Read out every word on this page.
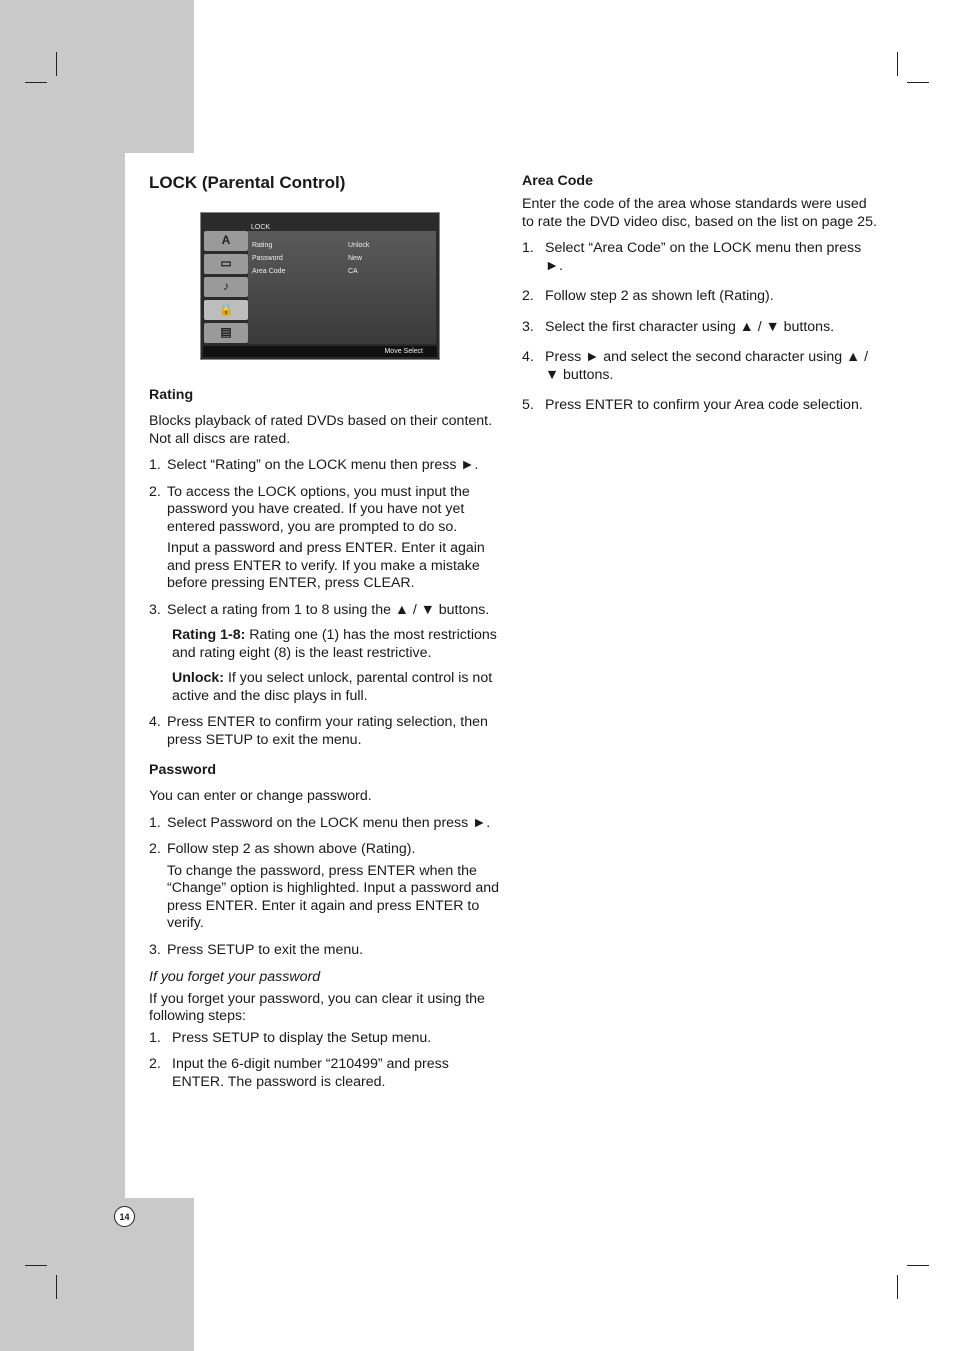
LOCK (Parental Control)
LOCK
A
▭
♪
🔒
▤
Rating
Password
Area Code
Unlock
New
CA
Move Select
Rating

Blocks playback of rated DVDs based on their content. Not all discs are rated.

1. Select “Rating” on the LOCK menu then press ►.
2. To access the LOCK options, you must input the password you have created. If you have not yet entered password, you are prompted to do so.

Input a password and press ENTER. Enter it again and press ENTER to verify. If you make a mistake before pressing ENTER, press CLEAR.

3. Select a rating from 1 to 8 using the ▲ / ▼ buttons.

Rating 1-8: Rating one (1) has the most restrictions and rating eight (8) is the least restrictive.

Unlock: If you select unlock, parental control is not active and the disc plays in full.

4. Press ENTER to confirm your rating selection, then press SETUP to exit the menu.
Password

You can enter or change password.

1. Select Password on the LOCK menu then press ►.
2. Follow step 2 as shown above (Rating).

To change the password, press ENTER when the “Change” option is highlighted. Input a password and press ENTER. Enter it again and press ENTER to verify.

3. Press SETUP to exit the menu.

If you forget your password

If you forget your password, you can clear it using the following steps:

1. Press SETUP to display the Setup menu.
2. Input the 6-digit number “210499” and press ENTER. The password is cleared.
Area Code

Enter the code of the area whose standards were used to rate the DVD video disc, based on the list on page 25.

1. Select “Area Code” on the LOCK menu then press ►.
2. Follow step 2 as shown left (Rating).
3. Select the first character using ▲ / ▼ buttons.
4. Press ► and select the second character using ▲ / ▼ buttons.
5. Press ENTER to confirm your Area code selection.
14
